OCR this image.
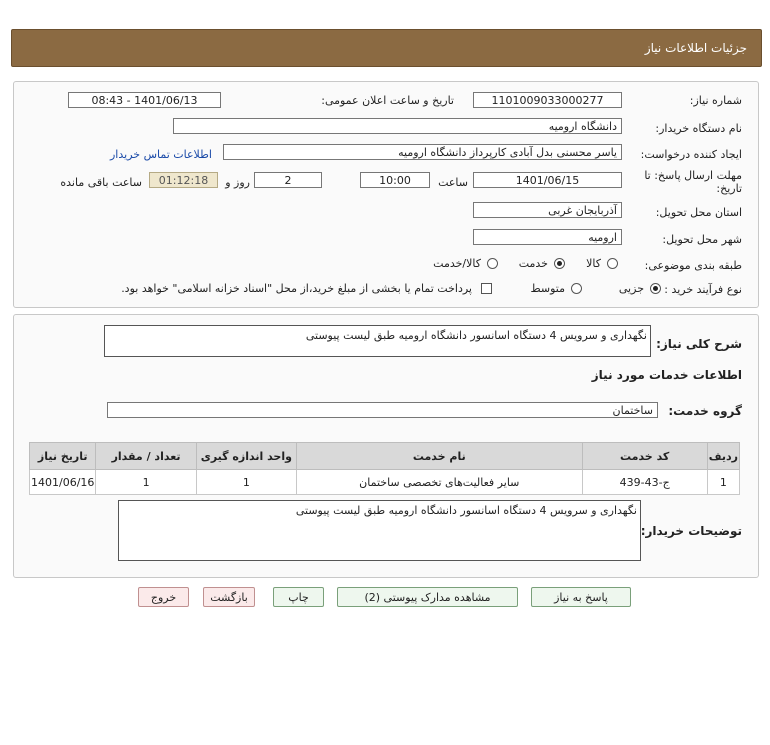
جزئیات اطلاعات نیاز
شماره نیاز:
1101009033000277
تاریخ و ساعت اعلان عمومی:
1401/06/13 - 08:43
نام دستگاه خریدار:
دانشگاه ارومیه
ایجاد کننده درخواست:
یاسر محسنی بدل آبادی کارپرداز دانشگاه ارومیه
اطلاعات تماس خریدار
مهلت ارسال پاسخ: تا
تاریخ:
1401/06/15
ساعت
10:00
2
روز و
01:12:18
ساعت باقی مانده
استان محل تحویل:
آذربایجان غربی
شهر محل تحویل:
ارومیه
طبقه بندی موضوعی:
کالا
خدمت
کالا/خدمت
نوع فرآیند خرید :
جزیی
متوسط
پرداخت تمام یا بخشی از مبلغ خرید،از محل "اسناد خزانه اسلامی" خواهد بود.
شرح کلی نیاز:
نگهداری و سرویس 4 دستگاه اسانسور دانشگاه ارومیه طبق لیست پیوستی
اطلاعات خدمات مورد نیاز
گروه خدمت:
ساختمان
ردیف	کد خدمت	نام خدمت	واحد اندازه گیری	تعداد / مقدار	تاریخ نیاز
1	ج-43-439	سایر فعالیت‌های تخصصی ساختمان	1	1	1401/06/16
توضیحات خریدار:
نگهداری و سرویس 4 دستگاه اسانسور دانشگاه ارومیه طبق لیست پیوستی
پاسخ به نیاز
مشاهده مدارک پیوستی (2)
چاپ
بازگشت
خروج
